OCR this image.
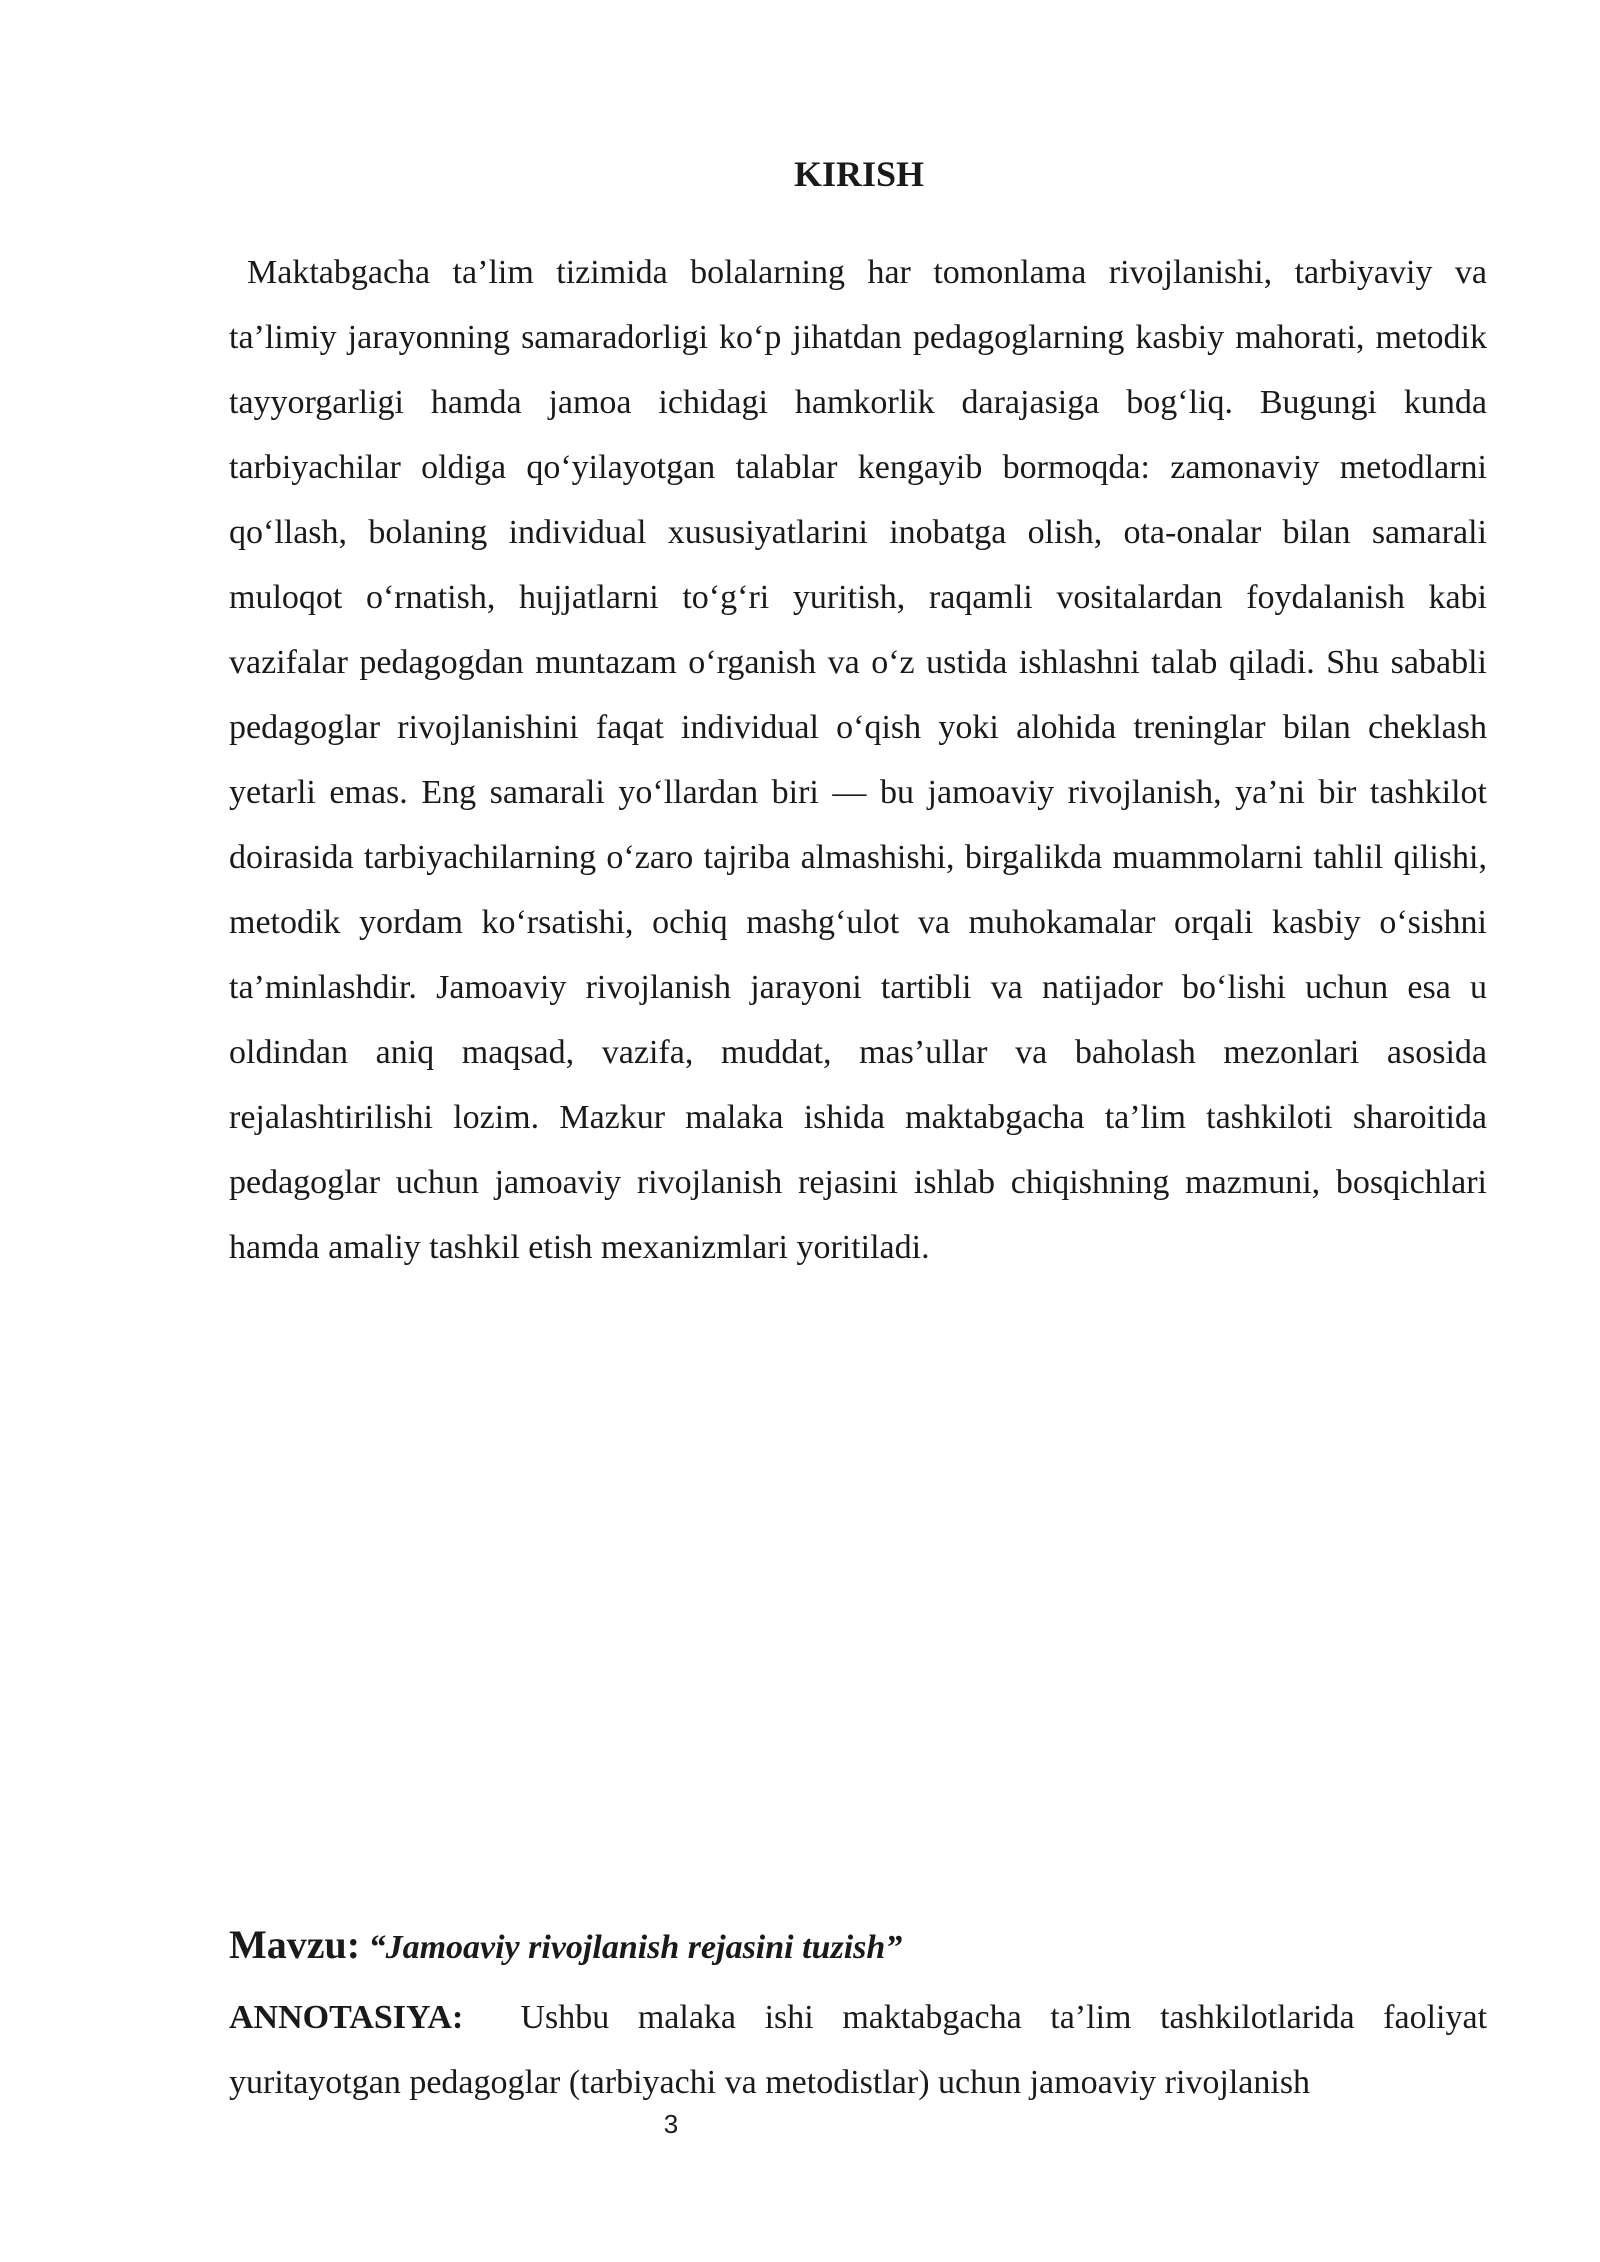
KIRISH

Maktabgacha ta’lim tizimida bolalarning har tomonlama rivojlanishi, tarbiyaviy va ta’limiy jarayonning samaradorligi ko‘p jihatdan pedagoglarning kasbiy mahorati, metodik tayyorgarligi hamda jamoa ichidagi hamkorlik darajasiga bog‘liq. Bugungi kunda tarbiyachilar oldiga qo‘yilayotgan talablar kengayib bormoqda: zamonaviy metodlarni qo‘llash, bolaning individual xususiyatlarini inobatga olish, ota-onalar bilan samarali muloqot o‘rnatish, hujjatlarni to‘g‘ri yuritish, raqamli vositalardan foydalanish kabi vazifalar pedagogdan muntazam o‘rganish va o‘z ustida ishlashni talab qiladi. Shu sababli pedagoglar rivojlanishini faqat individual o‘qish yoki alohida treninglar bilan cheklash yetarli emas. Eng samarali yo‘llardan biri — bu jamoaviy rivojlanish, ya’ni bir tashkilot doirasida tarbiyachilarning o‘zaro tajriba almashishi, birgalikda muammolarni tahlil qilishi, metodik yordam ko‘rsatishi, ochiq mashg‘ulot va muhokamalar orqali kasbiy o‘sishni ta’minlashdir. Jamoaviy rivojlanish jarayoni tartibli va natijador bo‘lishi uchun esa u oldindan aniq maqsad, vazifa, muddat, mas’ullar va baholash mezonlari asosida rejalashtirilishi lozim. Mazkur malaka ishida maktabgacha ta’lim tashkiloti sharoitida pedagoglar uchun jamoaviy rivojlanish rejasini ishlab chiqishning mazmuni, bosqichlari hamda amaliy tashkil etish mexanizmlari yoritiladi.

Mavzu: “Jamoaviy rivojlanish rejasini tuzish”

ANNOTASIYA: Ushbu malaka ishi maktabgacha ta’lim tashkilotlarida faoliyat yuritayotgan pedagoglar (tarbiyachi va metodistlar) uchun jamoaviy rivojlanish

3
